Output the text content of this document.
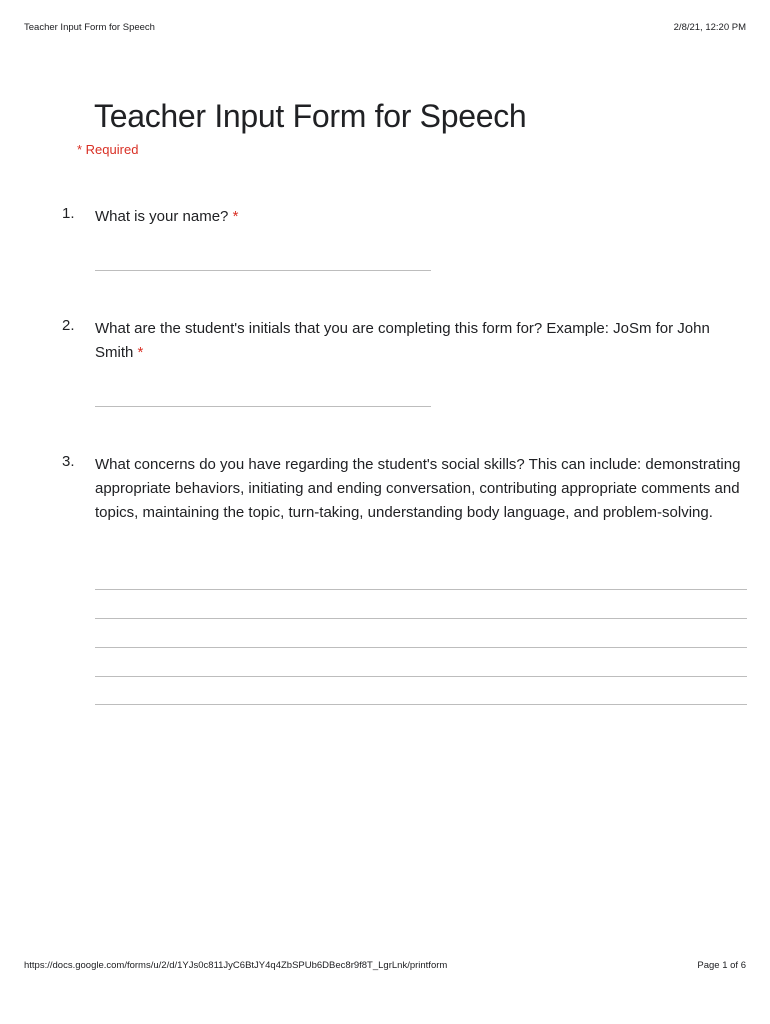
Teacher Input Form for Speech	2/8/21, 12:20 PM
Teacher Input Form for Speech
* Required
1. What is your name? *
2. What are the student's initials that you are completing this form for? Example: JoSm for John Smith *
3. What concerns do you have regarding the student's social skills? This can include: demonstrating appropriate behaviors, initiating and ending conversation, contributing appropriate comments and topics, maintaining the topic, turn-taking, understanding body language, and problem-solving.
https://docs.google.com/forms/u/2/d/1YJs0c811JyC6BtJY4q4ZbSPUb6DBec8r9f8T_LgrLnk/printform	Page 1 of 6
